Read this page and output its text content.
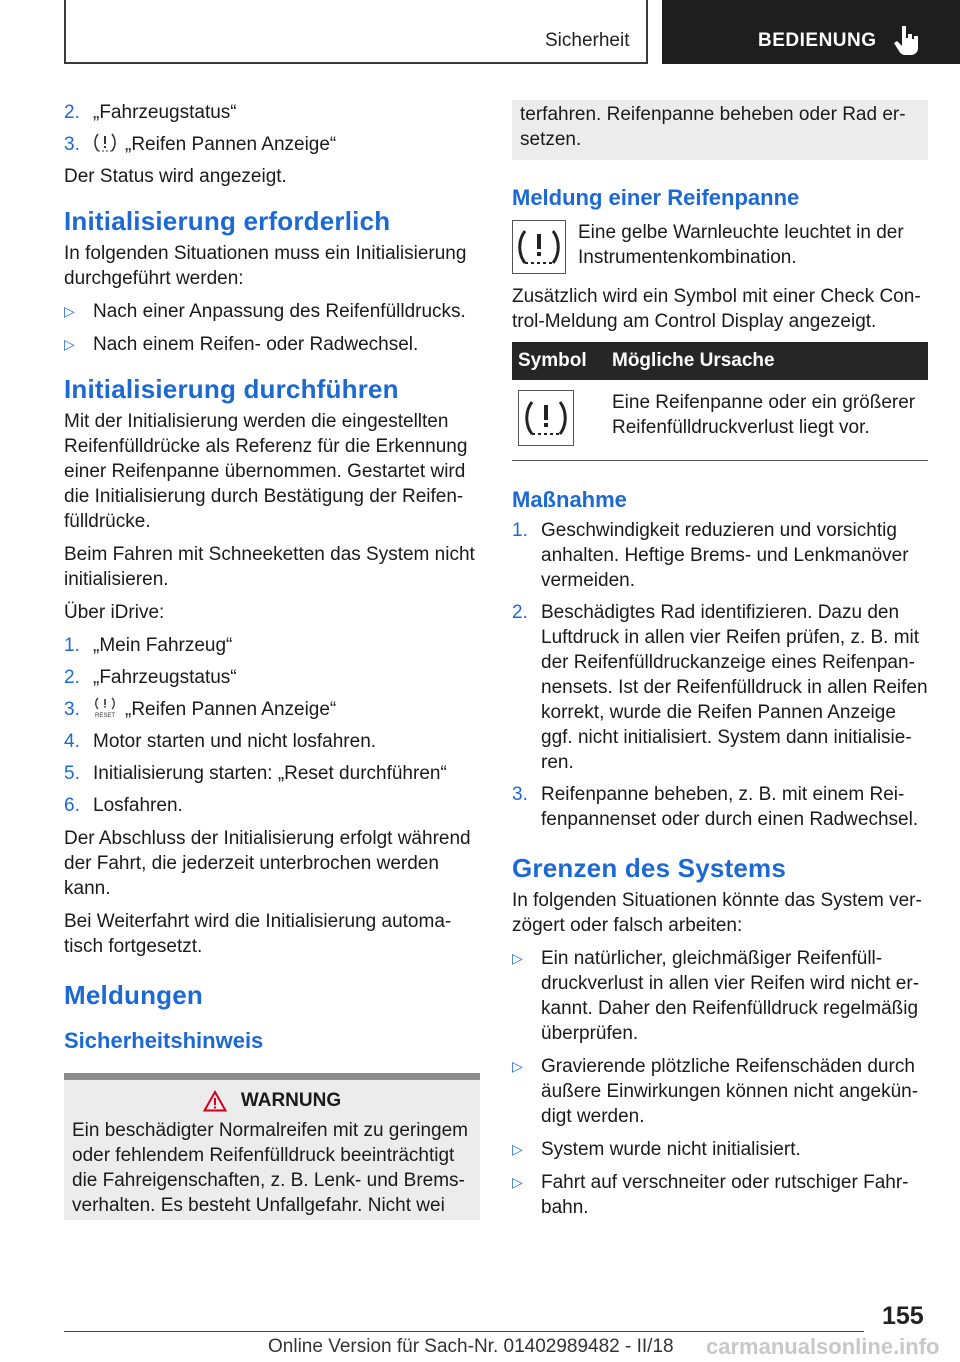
Sicherheit	BEDIENUNG
2. „Fahrzeugstatus“
3.	„Reifen Pannen Anzeige“

Der Status wird angezeigt.

Initialisierung erforderlich

In folgenden Situationen muss ein Initialisierung durchgeführt werden:

▷ Nach einer Anpassung des Reifenfülldrucks.
▷ Nach einem Reifen- oder Radwechsel.
Initialisierung durchführen

Mit der Initialisierung werden die eingestellten Reifenfülldrücke als Referenz für die Erkennung einer Reifenpanne übernommen. Gestartet wird die Initialisierung durch Bestätigung der Reifenfülldrücke.

Beim Fahren mit Schneeketten das System nicht initialisieren.

Über iDrive:

1. „Mein Fahrzeug“
2. „Fahrzeugstatus“
3.	RESET „Reifen Pannen Anzeige“
4. Motor starten und nicht losfahren.
5. Initialisierung starten: „Reset durchführen“
6. Losfahren.

Der Abschluss der Initialisierung erfolgt während der Fahrt, die jederzeit unterbrochen werden kann.

Bei Weiterfahrt wird die Initialisierung automatisch fortgesetzt.

Meldungen
Sicherheitshinweis
WARNUNG

Ein beschädigter Normalreifen mit zu geringem oder fehlendem Reifenfülldruck beeinträchtigt die Fahreigenschaften, z. B. Lenk- und Bremsverhalten. Es besteht Unfallgefahr. Nicht wei

terfahren. Reifenpanne beheben oder Rad ersetzen.

Meldung einer Reifenpanne

Eine gelbe Warnleuchte leuchtet in der Instrumentenkombination.

Zusätzlich wird ein Symbol mit einer Check Control-Meldung am Control Display angezeigt.

Symbol	Mögliche Ursache

	Eine Reifenpanne oder ein größerer Reifenfülldruckverlust liegt vor.
Maßnahme
1. Geschwindigkeit reduzieren und vorsichtig anhalten. Heftige Brems- und Lenkmanöver vermeiden.
2. Beschädigtes Rad identifizieren. Dazu den Luftdruck in allen vier Reifen prüfen, z. B. mit der Reifenfülldruckanzeige eines Reifenpannensets. Ist der Reifenfülldruck in allen Reifen korrekt, wurde die Reifen Pannen Anzeige ggf. nicht initialisiert. System dann initialisieren.
3. Reifenpanne beheben, z. B. mit einem Reifenpannenset oder durch einen Radwechsel.
Grenzen des Systems

In folgenden Situationen könnte das System verzögert oder falsch arbeiten:

▷ Ein natürlicher, gleichmäßiger Reifenfülldruckverlust in allen vier Reifen wird nicht erkannt. Daher den Reifenfülldruck regelmäßig überprüfen.
▷ Gravierende plötzliche Reifenschäden durch äußere Einwirkungen können nicht angekündigt werden.
▷ System wurde nicht initialisiert.
▷ Fahrt auf verschneiter oder rutschiger Fahrbahn.
155
Online Version für Sach-Nr. 01402989482 - II/18 carmanualsonline.info
